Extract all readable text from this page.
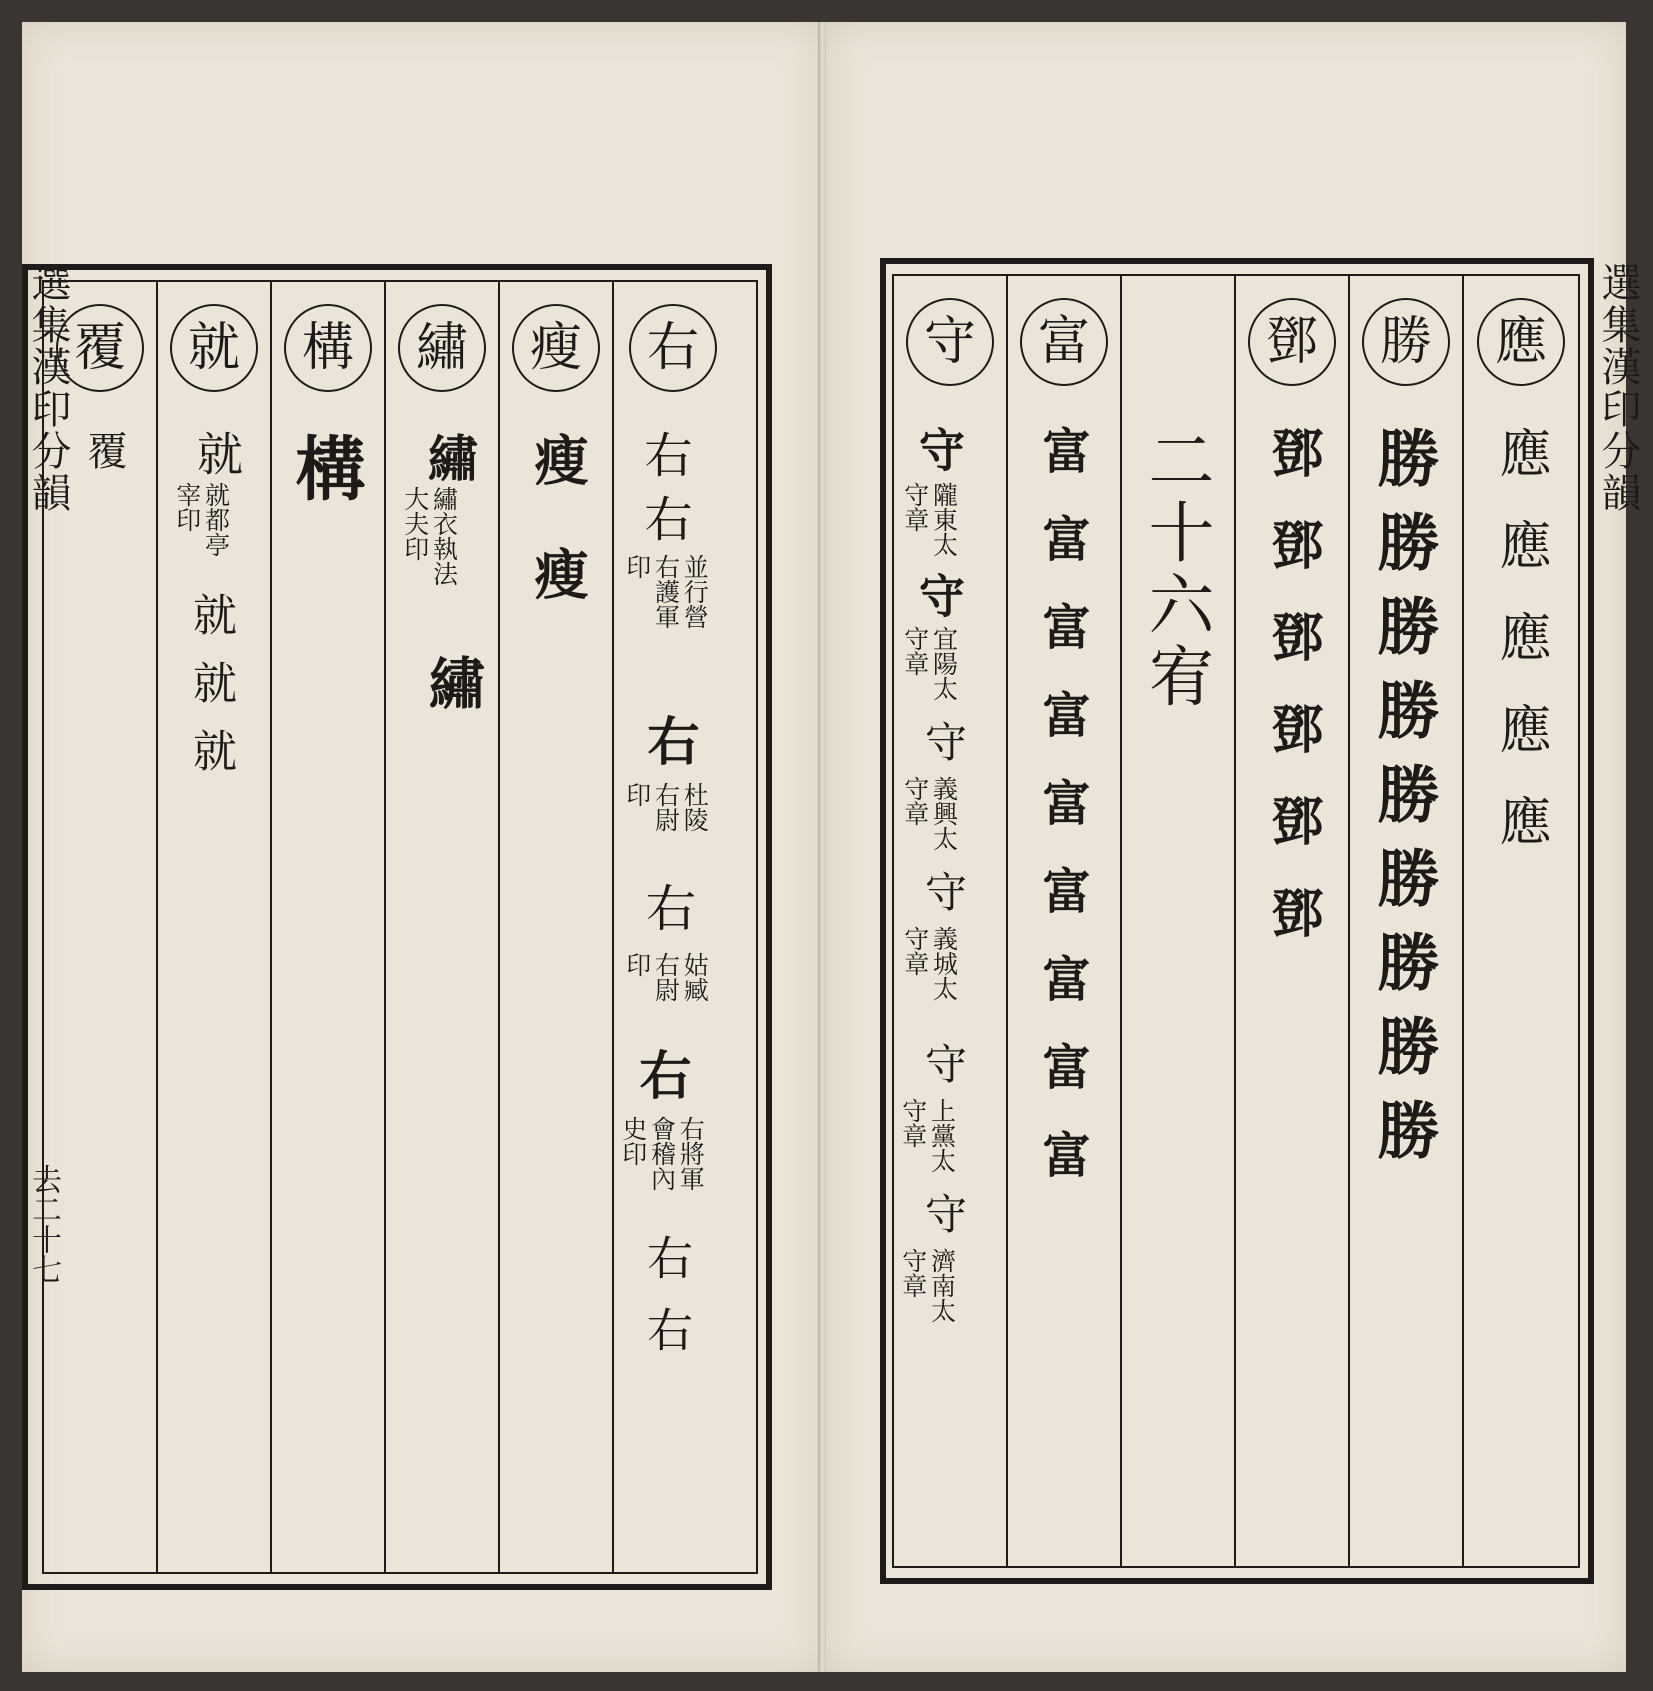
選集漢印分韻
去二十七
覆
覆
就
就
就都亭宰印
就就就
構
構
繡
繡
繡衣執法大夫印
繡
瘦
瘦瘦
右
右右
並行營右護軍印
右
杜陵右尉印
右
姑臧右尉印
右
右將軍會稽內史印
右右
選集漢印分韻
守
守
隴東太守章
守
宜陽太守章
守
義興太守章
守
義城太守章
守
上黨太守章
守
濟南太守章
富
富富富富富富富富富 二十六宥
鄧
鄧鄧鄧鄧鄧鄧
勝
勝勝勝勝勝勝勝勝勝
應
應應應應應
